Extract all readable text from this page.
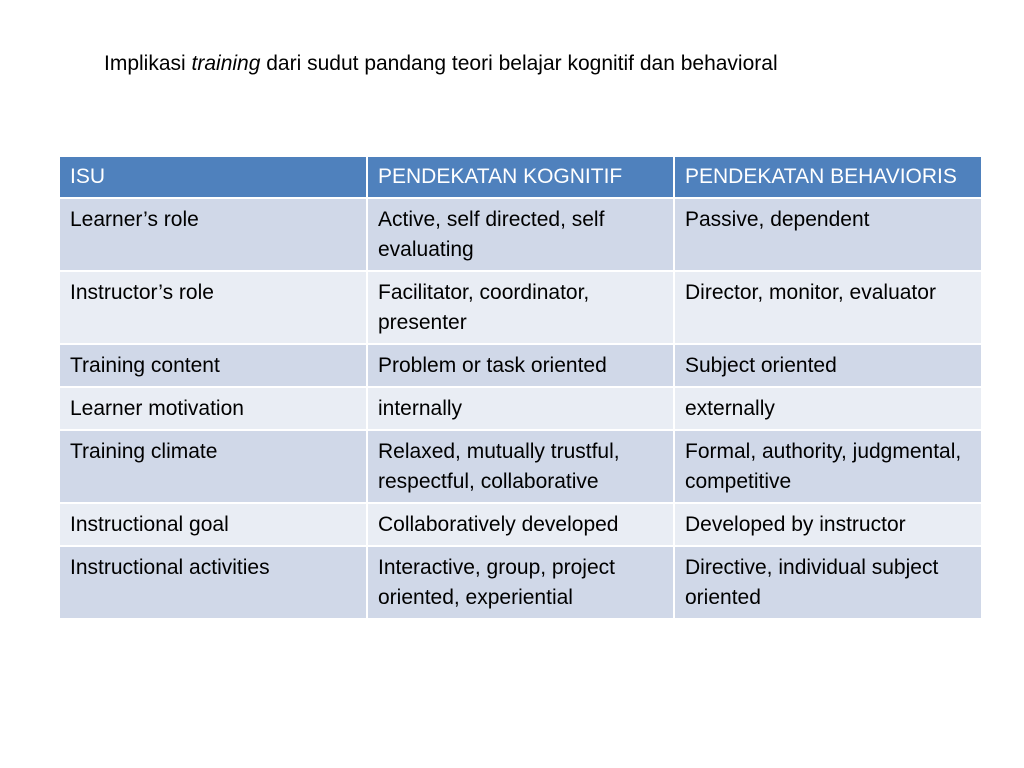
Implikasi training dari sudut pandang teori belajar kognitif dan behavioral
ISU	PENDEKATAN KOGNITIF	PENDEKATAN BEHAVIORIS
Learner’s role	Active, self directed, self evaluating	Passive, dependent
Instructor’s role	Facilitator, coordinator, presenter	Director, monitor, evaluator
Training content	Problem or task oriented	Subject oriented
Learner motivation	internally	externally
Training climate	Relaxed, mutually trustful, respectful, collaborative	Formal, authority, judgmental, competitive
Instructional goal	Collaboratively developed	Developed by instructor
Instructional activities	Interactive, group, project oriented, experiential	Directive, individual subject oriented
